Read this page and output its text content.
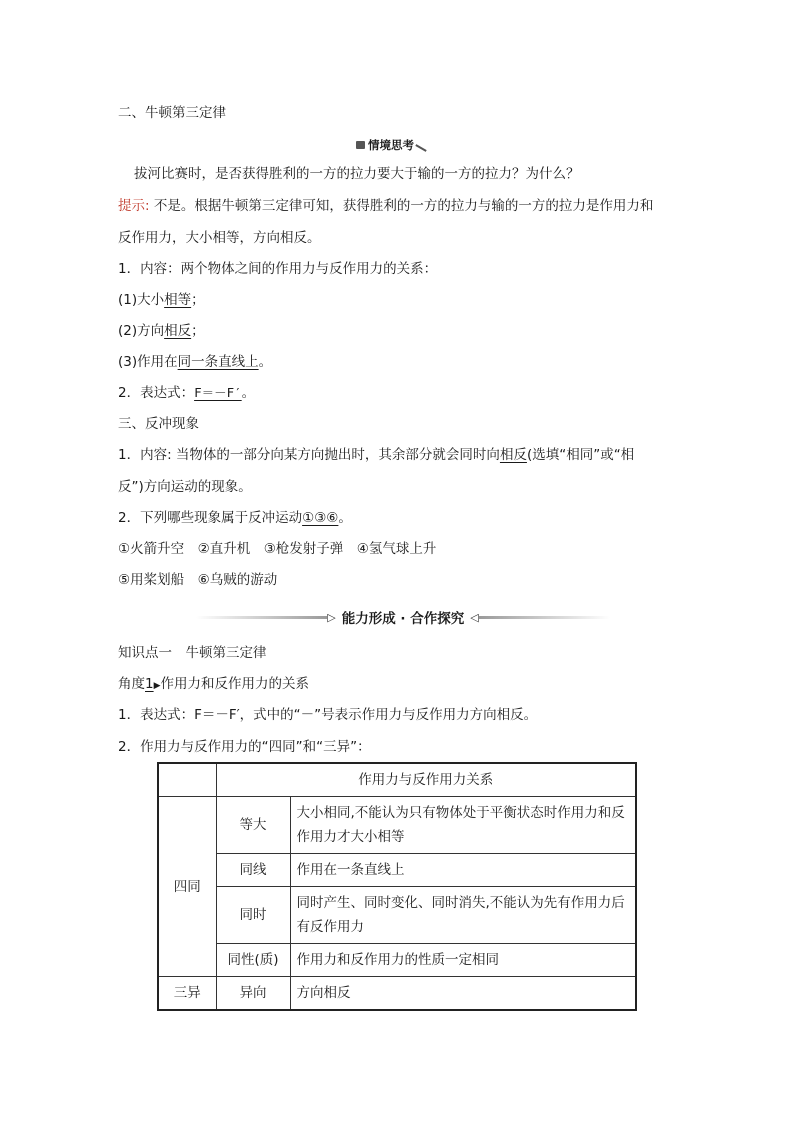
二、牛顿第三定律
情境思考
拔河比赛时，是否获得胜利的一方的拉力要大于输的一方的拉力？为什么？
提示: 不是。根据牛顿第三定律可知，获得胜利的一方的拉力与输的一方的拉力是作用力和
反作用力，大小相等，方向相反。
1．内容：两个物体之间的作用力与反作用力的关系：
(1)大小相等；
(2)方向相反；
(3)作用在同一条直线上。
2．表达式：F＝－F′。
三、反冲现象
1．内容: 当物体的一部分向某方向抛出时，其余部分就会同时向相反(选填“相同”或“相
反”)方向运动的现象。
2．下列哪些现象属于反冲运动①③⑥。
①火箭升空　②直升机　③枪发射子弹　④氢气球上升
⑤用桨划船　⑥乌贼的游动
▷ 能力形成 · 合作探究 ◁
知识点一　牛顿第三定律
角度1▶作用力和反作用力的关系
1．表达式：F＝－F′，式中的“－”号表示作用力与反作用力方向相反。
2．作用力与反作用力的“四同”和“三异”：
	作用力与反作用力关系	
四同	等大	大小相同,不能认为只有物体处于平衡状态时作用力和反作用力才大小相等
	同线	作用在一条直线上
	同时	同时产生、同时变化、同时消失,不能认为先有作用力后有反作用力
	同性(质)	作用力和反作用力的性质一定相同
三异	异向	方向相反
